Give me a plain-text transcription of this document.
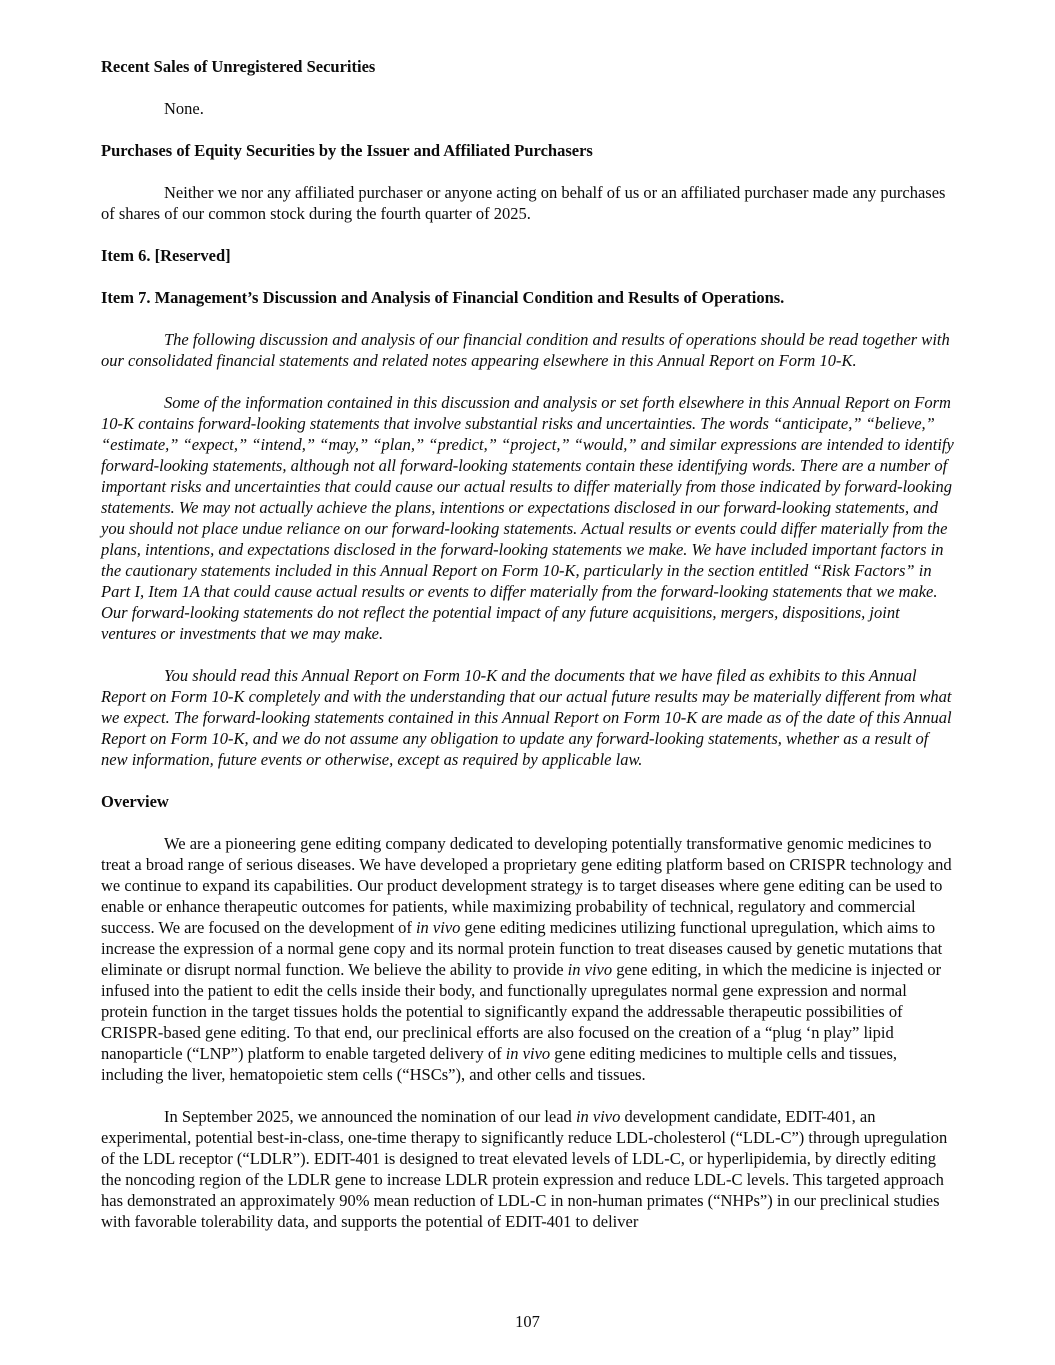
Recent Sales of Unregistered Securities

None.

Purchases of Equity Securities by the Issuer and Affiliated Purchasers

Neither we nor any affiliated purchaser or anyone acting on behalf of us or an affiliated purchaser made any purchases of shares of our common stock during the fourth quarter of 2025.

Item 6. [Reserved]
Item 7. Management’s Discussion and Analysis of Financial Condition and Results of Operations.

The following discussion and analysis of our financial condition and results of operations should be read together with our consolidated financial statements and related notes appearing elsewhere in this Annual Report on Form 10-K.

Some of the information contained in this discussion and analysis or set forth elsewhere in this Annual Report on Form 10-K contains forward-looking statements that involve substantial risks and uncertainties. The words “anticipate,” “believe,” “estimate,” “expect,” “intend,” “may,” “plan,” “predict,” “project,” “would,” and similar expressions are intended to identify forward-looking statements, although not all forward-looking statements contain these identifying words. There are a number of important risks and uncertainties that could cause our actual results to differ materially from those indicated by forward-looking statements. We may not actually achieve the plans, intentions or expectations disclosed in our forward-looking statements, and you should not place undue reliance on our forward-looking statements. Actual results or events could differ materially from the plans, intentions, and expectations disclosed in the forward-looking statements we make. We have included important factors in the cautionary statements included in this Annual Report on Form 10-K, particularly in the section entitled “Risk Factors” in Part I, Item 1A that could cause actual results or events to differ materially from the forward-looking statements that we make. Our forward-looking statements do not reflect the potential impact of any future acquisitions, mergers, dispositions, joint ventures or investments that we may make.

You should read this Annual Report on Form 10-K and the documents that we have filed as exhibits to this Annual Report on Form 10-K completely and with the understanding that our actual future results may be materially different from what we expect. The forward-looking statements contained in this Annual Report on Form 10-K are made as of the date of this Annual Report on Form 10-K, and we do not assume any obligation to update any forward-looking statements, whether as a result of new information, future events or otherwise, except as required by applicable law.

Overview

We are a pioneering gene editing company dedicated to developing potentially transformative genomic medicines to treat a broad range of serious diseases. We have developed a proprietary gene editing platform based on CRISPR technology and we continue to expand its capabilities. Our product development strategy is to target diseases where gene editing can be used to enable or enhance therapeutic outcomes for patients, while maximizing probability of technical, regulatory and commercial success. We are focused on the development of in vivo gene editing medicines utilizing functional upregulation, which aims to increase the expression of a normal gene copy and its normal protein function to treat diseases caused by genetic mutations that eliminate or disrupt normal function. We believe the ability to provide in vivo gene editing, in which the medicine is injected or infused into the patient to edit the cells inside their body, and functionally upregulates normal gene expression and normal protein function in the target tissues holds the potential to significantly expand the addressable therapeutic possibilities of CRISPR-based gene editing. To that end, our preclinical efforts are also focused on the creation of a “plug ‘n play” lipid nanoparticle (“LNP”) platform to enable targeted delivery of in vivo gene editing medicines to multiple cells and tissues, including the liver, hematopoietic stem cells (“HSCs”), and other cells and tissues.

In September 2025, we announced the nomination of our lead in vivo development candidate, EDIT-401, an experimental, potential best-in-class, one-time therapy to significantly reduce LDL-cholesterol (“LDL-C”) through upregulation of the LDL receptor (“LDLR”). EDIT-401 is designed to treat elevated levels of LDL-C, or hyperlipidemia, by directly editing the noncoding region of the LDLR gene to increase LDLR protein expression and reduce LDL-C levels. This targeted approach has demonstrated an approximately 90% mean reduction of LDL-C in non-human primates (“NHPs”) in our preclinical studies with favorable tolerability data, and supports the potential of EDIT-401 to deliver

107
